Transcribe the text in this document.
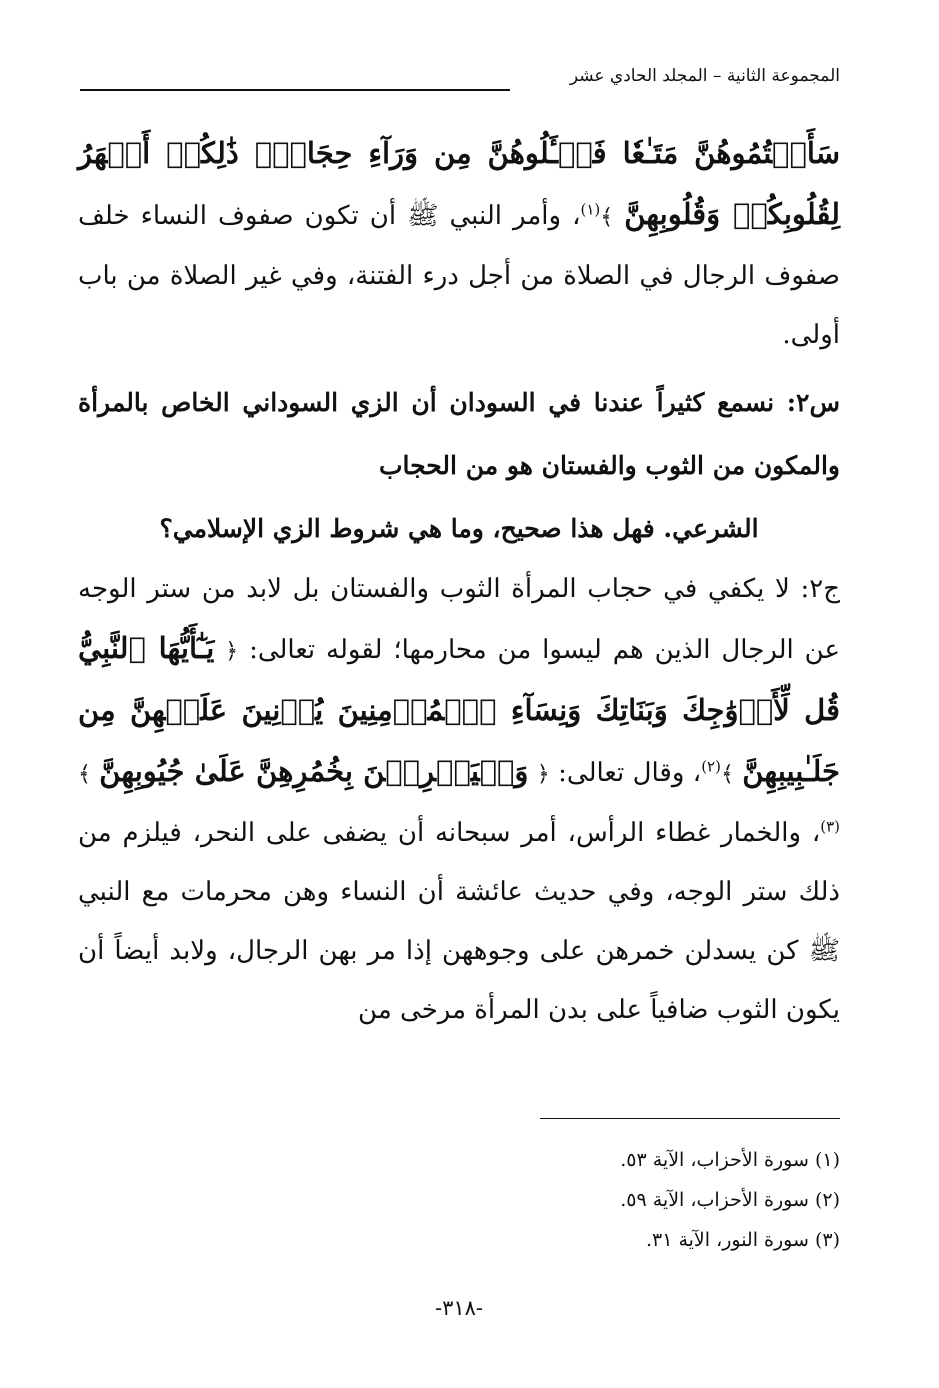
المجموعة الثانية – المجلد الحادي عشر

سَأَلۡتُمُوهُنَّ مَتَـٰعٗا فَسۡـَٔلُوهُنَّ مِن وَرَآءِ حِجَابٖۚ ذَٰلِكُمۡ أَطۡهَرُ لِقُلُوبِكُمۡ وَقُلُوبِهِنَّ ﴾$^{(١)}$، وأمر النبي ﷺ أن تكون صفوف النساء خلف صفوف الرجال في الصلاة من أجل درء الفتنة، وفي غير الصلاة من باب أولى.

س٢: نسمع كثيراً عندنا في السودان أن الزي السوداني الخاص بالمرأة والمكون من الثوب والفستان هو من الحجاب
الشرعي. فهل هذا صحيح، وما هي شروط الزي الإسلامي؟

ج٢: لا يكفي في حجاب المرأة الثوب والفستان بل لابد من ستر الوجه عن الرجال الذين هم ليسوا من محارمها؛ لقوله تعالى: ﴿ يَـٰٓأَيُّهَا ٱلنَّبِيُّ قُل لِّأَزۡوَٰجِكَ وَبَنَاتِكَ وَنِسَآءِ ٱلۡمُؤۡمِنِينَ يُدۡنِينَ عَلَيۡهِنَّ مِن جَلَـٰبِيبِهِنَّ ﴾$^{(٢)}$، وقال تعالى: ﴿ وَلۡيَضۡرِبۡنَ بِخُمُرِهِنَّ عَلَىٰ جُيُوبِهِنَّ ﴾ $^{(٣)}$، والخمار غطاء الرأس، أمر سبحانه أن يضفى على النحر، فيلزم من ذلك ستر الوجه، وفي حديث عائشة أن النساء وهن محرمات مع النبي ﷺ كن يسدلن خمرهن على وجوههن إذا مر بهن الرجال، ولابد أيضاً أن يكون الثوب ضافياً على بدن المرأة مرخى من

(١) سورة الأحزاب، الآية ٥٣.
(٢) سورة الأحزاب، الآية ٥٩.
(٣) سورة النور، الآية ٣١.
-٣١٨-
